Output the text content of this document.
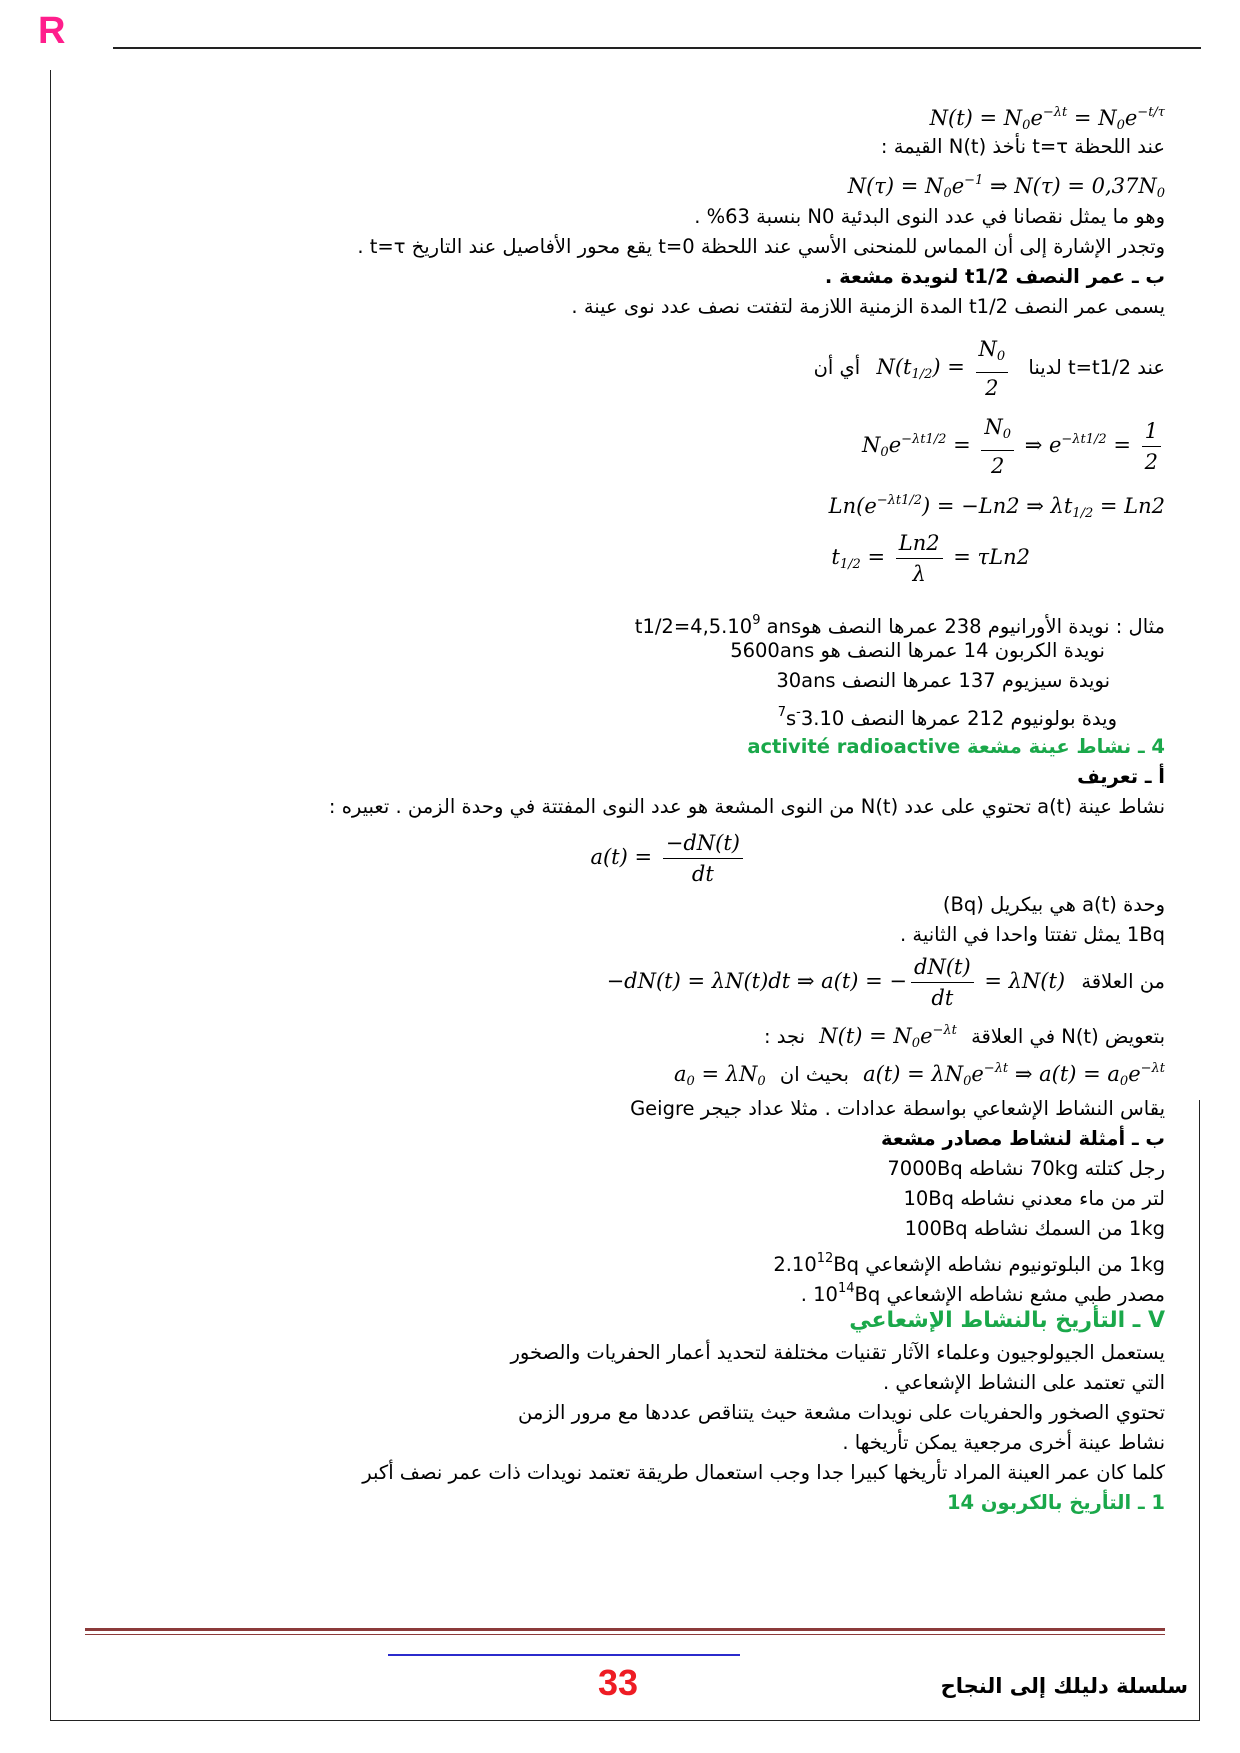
R
$N(t) = N_0e^{-\lambda t} = N_0e^{-t/\tau}$
عند اللحظة t=τ نأخذ N(t) القيمة :
$N(\tau) = N_0e^{-1}$ ⇒ $N(\tau) = 0,37N_0$
وهو ما يمثل نقصانا في عدد النوى البدئية N0 بنسبة 63% .
وتجدر الإشارة إلى أن المماس للمنحنى الأسي عند اللحظة t=0 يقع محور الأفاصيل عند التاريخ t=τ .
ب ـ عمر النصف t1/2 لنويدة مشعة .
يسمى عمر النصف t1/2 المدة الزمنية اللازمة لتفتت نصف عدد نوى عينة .
عند t=t1/2 لدينا $N(t_{1/2}) = \frac{N_0}{2}$
أي أن
$N_0e^{-\lambda t1/2} = \frac{N_0}{2}$ ⇒ $e^{-\lambda t1/2} = \frac{1}{2}$
$Ln(e^{-\lambda t1/2}) = -Ln2$ ⇒ $\lambda t_{1/2} = Ln2$
$t_{1/2} = \frac{Ln2}{\lambda} = \tau Ln2$
مثال : نويدة الأورانيوم 238 عمرها النصف هوans $t1/2=4,5.10^9$
نويدة الكربون 14 عمرها النصف هو 5600ans
نويدة سيزيوم 137 عمرها النصف 30ans
ويدة بولونيوم 212 عمرها النصف $3.10^{-7}s$
4 ـ نشاط عينة مشعة activité radioactive
أ ـ تعريف
نشاط عينة a(t) تحتوي على عدد N(t) من النوى المشعة هو عدد النوى المفتتة في وحدة الزمن . تعبيره :
$a(t) = \frac{-dN(t)}{dt}$
وحدة a(t) هي بيكريل (Bq)
1Bq يمثل تفتتا واحدا في الثانية .
من العلاقة −dN(t) = λN(t)dt ⇒ a(t) = − $\frac{dN(t)}{dt} = \lambda N(t)$
بتعويض N(t) في العلاقة $N(t) = N_0e^{-\lambda t}$ نجد :
$a(t) = \lambda N_0e^{-\lambda t}$ ⇒ $a(t) = a_0e^{-\lambda t}$ بحيث ان $a_0 = \lambda N_0$
يقاس النشاط الإشعاعي بواسطة عدادات . مثلا عداد جيجر Geigre
ب ـ أمثلة لنشاط مصادر مشعة
رجل كتلته 70kg نشاطه 7000Bq
لتر من ماء معدني نشاطه 10Bq
1kg من السمك نشاطه 100Bq
1kg من البلوتونيوم نشاطه الإشعاعي 2.10$^{12}$Bq
مصدر طبي مشع نشاطه الإشعاعي $10^{14}Bq$ .
V ـ التأريخ بالنشاط الإشعاعي
يستعمل الجيولوجيون وعلماء الآثار تقنيات مختلفة لتحديد أعمار الحفريات والصخور
التي تعتمد على النشاط الإشعاعي .
تحتوي الصخور والحفريات على نويدات مشعة حيث يتناقص عددها مع مرور الزمن
نشاط عينة أخرى مرجعية يمكن تأريخها .
كلما كان عمر العينة المراد تأريخها كبيرا جدا وجب استعمال طريقة تعتمد نويدات ذات عمر نصف أكبر
1 ـ التأريخ بالكربون 14
33	سلسلة دليلك إلى النجاح
